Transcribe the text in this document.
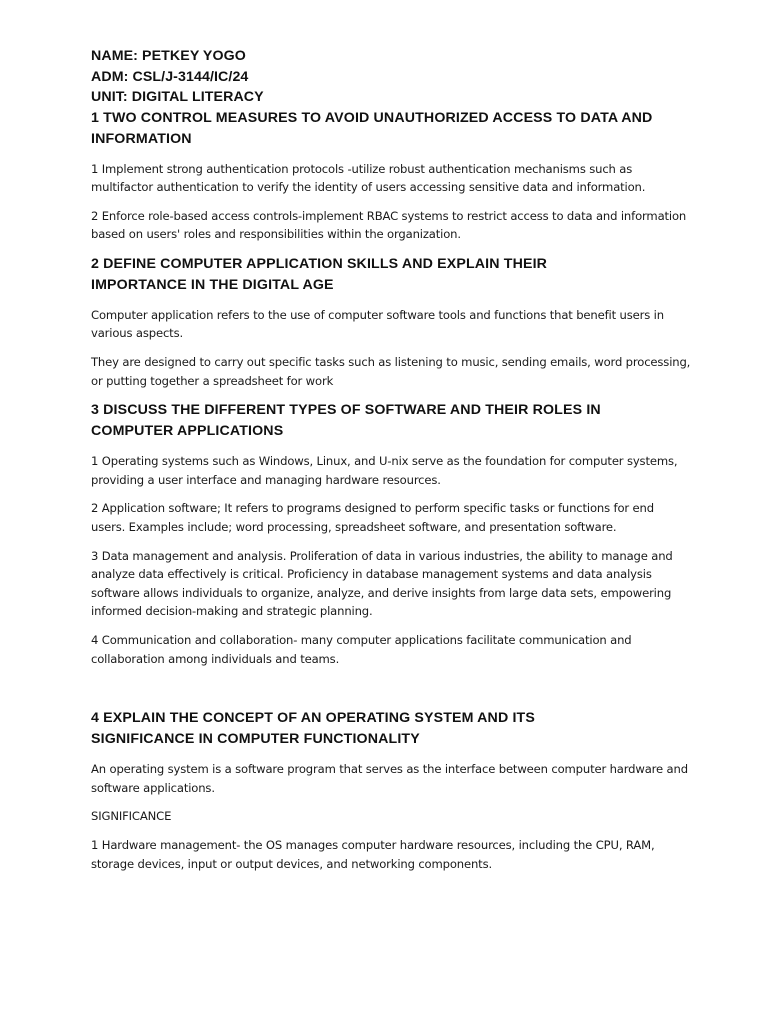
NAME: PETKEY YOGO

ADM: CSL/J-3144/IC/24

UNIT: DIGITAL LITERACY

1 TWO CONTROL MEASURES TO AVOID UNAUTHORIZED ACCESS TO DATA AND INFORMATION

1 Implement strong authentication protocols -utilize robust authentication mechanisms such as multifactor authentication to verify the identity of users accessing sensitive data and information.

2 Enforce role-based access controls-implement RBAC systems to restrict access to data and information based on users' roles and responsibilities within the organization.

2 DEFINE COMPUTER APPLICATION SKILLS AND EXPLAIN THEIR IMPORTANCE IN THE DIGITAL AGE

Computer application refers to the use of computer software tools and functions that benefit users in various aspects.

They are designed to carry out specific tasks such as listening to music, sending emails, word processing, or putting together a spreadsheet for work

3 DISCUSS THE DIFFERENT TYPES OF SOFTWARE AND THEIR ROLES IN COMPUTER APPLICATIONS

1 Operating systems such as Windows, Linux, and U-nix serve as the foundation for computer systems, providing a user interface and managing hardware resources.

2 Application software; It refers to programs designed to perform specific tasks or functions for end users. Examples include; word processing, spreadsheet software, and presentation software.

3 Data management and analysis. Proliferation of data in various industries, the ability to manage and analyze data effectively is critical. Proficiency in database management systems and data analysis software allows individuals to organize, analyze, and derive insights from large data sets, empowering informed decision-making and strategic planning.

4 Communication and collaboration- many computer applications facilitate communication and collaboration among individuals and teams.

4 EXPLAIN THE CONCEPT OF AN OPERATING SYSTEM AND ITS SIGNIFICANCE IN COMPUTER FUNCTIONALITY

An operating system is a software program that serves as the interface between computer hardware and software applications.

SIGNIFICANCE

1 Hardware management- the OS manages computer hardware resources, including the CPU, RAM, storage devices, input or output devices, and networking components.
